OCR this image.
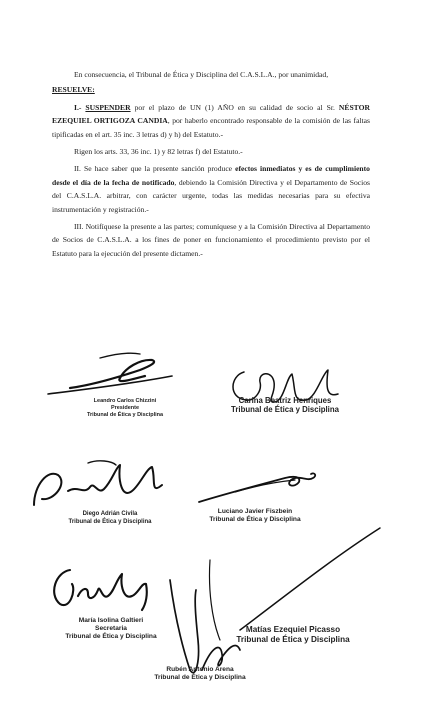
En consecuencia, el Tribunal de Ética y Disciplina del C.A.S.L.A., por unanimidad,

RESUELVE:

I.- SUSPENDER por el plazo de UN (1) AÑO en su calidad de socio al Sr. NÉSTOR EZEQUIEL ORTIGOZA CANDIA, por haberlo encontrado responsable de la comisión de las faltas tipificadas en el art. 35 inc. 3 letras d) y h) del Estatuto.-

Rigen los arts. 33, 36 inc. 1) y 82 letras f) del Estatuto.-

II. Se hace saber que la presente sanción produce efectos inmediatos y es de cumplimiento desde el día de la fecha de notificado, debiendo la Comisión Directiva y el Departamento de Socios del C.A.S.L.A. arbitrar, con carácter urgente, todas las medidas necesarias para su efectiva instrumentación y registración.-

III. Notifíquese la presente a las partes; comuníquese y a la Comisión Directiva al Departamento de Socios de C.A.S.L.A. a los fines de poner en funcionamiento el procedimiento previsto por el Estatuto para la ejecución del presente dictamen.-

Leandro Carlos Chizzini
Presidente
Tribunal de Ética y Disciplina
Carina Beatriz Henriques
Tribunal de Ética y Disciplina
Diego Adrián Civila
Tribunal de Ética y Disciplina
Luciano Javier Fiszbein
Tribunal de Ética y Disciplina
María Isolina Galtieri
Secretaria
Tribunal de Ética y Disciplina
Rubén Antonio Arena
Tribunal de Ética y Disciplina
Matías Ezequiel Picasso
Tribunal de Ética y Disciplina
